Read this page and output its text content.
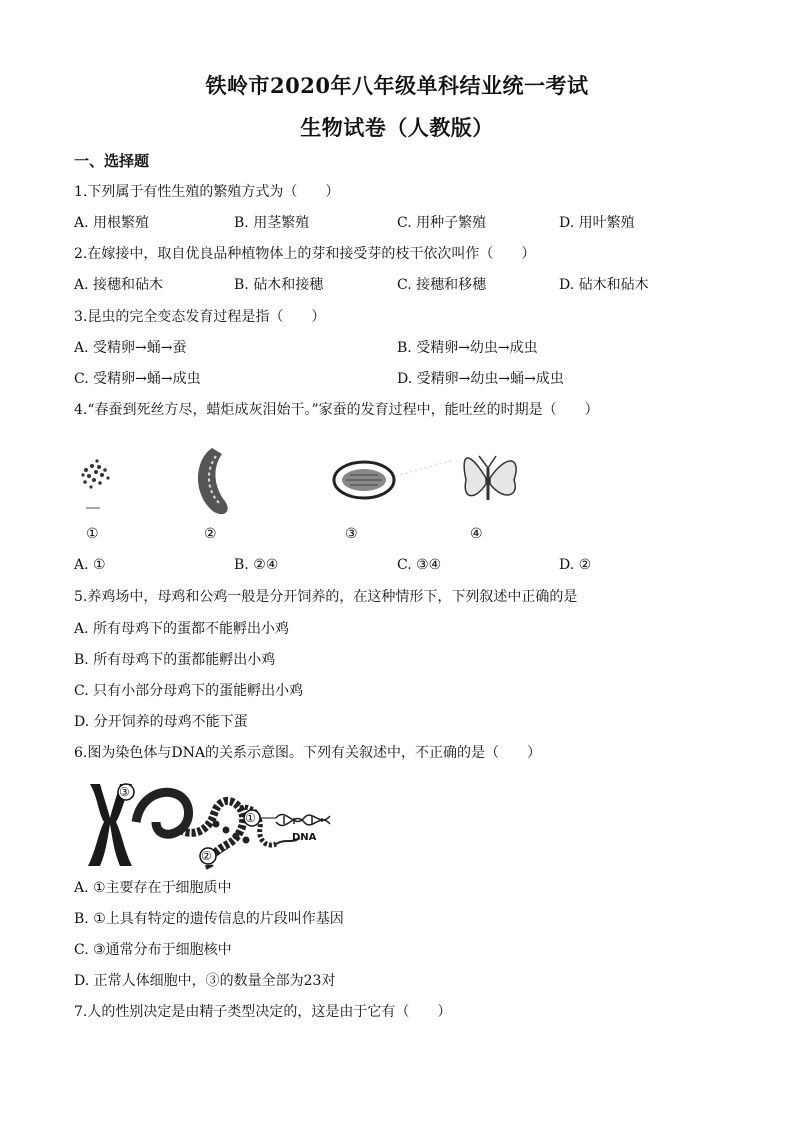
铁岭市2020年八年级单科结业统一考试
生物试卷（人教版）
一、选择题
1.下列属于有性生殖的繁殖方式为（　　）
A. 用根繁殖	B. 用茎繁殖	C. 用种子繁殖	D. 用叶繁殖
2.在嫁接中，取自优良品种植物体上的芽和接受芽的枝干依次叫作（　　）
A. 接穗和砧木	B. 砧木和接穗	C. 接穗和移穗	D. 砧木和砧木
3.昆虫的完全变态发育过程是指（　　）
A. 受精卵→蛹→蚕	B. 受精卵→幼虫→成虫
C. 受精卵→蛹→成虫	D. 受精卵→幼虫→蛹→成虫
4.“春蚕到死丝方尽，蜡炬成灰泪始干。”家蚕的发育过程中，能吐丝的时期是（　　）
①	②	③	④
A. ①	B. ②④	C. ③④	D. ②
5.养鸡场中，母鸡和公鸡一般是分开饲养的，在这种情形下，下列叙述中正确的是
A. 所有母鸡下的蛋都不能孵出小鸡
B. 所有母鸡下的蛋都能孵出小鸡
C. 只有小部分母鸡下的蛋能孵出小鸡
D. 分开饲养的母鸡不能下蛋
6.图为染色体与DNA的关系示意图。下列有关叙述中，不正确的是（　　）
③
①
②
DNA
A. ①主要存在于细胞质中
B. ①上具有特定的遗传信息的片段叫作基因
C. ③通常分布于细胞核中
D. 正常人体细胞中，③的数量全部为23对
7.人的性别决定是由精子类型决定的，这是由于它有（　　）
